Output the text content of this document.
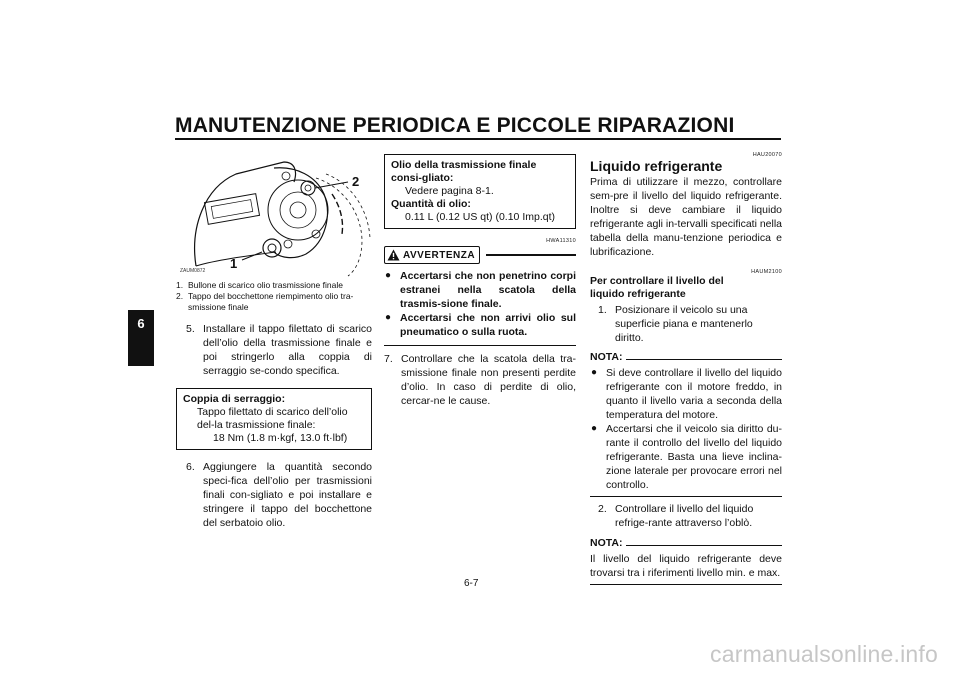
MANUTENZIONE PERIODICA E PICCOLE RIPARAZIONI
6
2
1
ZAUM0872
1. Bullone di scarico olio trasmissione finale
2. Tappo del bocchettone riempimento olio tra-smissione finale
5. Installare il tappo filettato di scarico dell’olio della trasmissione finale e poi stringerlo alla coppia di serraggio se-condo specifica.
Coppia di serraggio:
Tappo filettato di scarico dell’olio del-la trasmissione finale:
18 Nm (1.8 m·kgf, 13.0 ft·lbf)
6. Aggiungere la quantità secondo speci-fica dell’olio per trasmissioni finali con-sigliato e poi installare e stringere il tappo del bocchettone del serbatoio olio.
Olio della trasmissione finale consi-gliato:
Vedere pagina 8-1.
Quantità di olio:
0.11 L (0.12 US qt) (0.10 Imp.qt)
HWA11310
AVVERTENZA
● Accertarsi che non penetrino corpi estranei nella scatola della trasmis-sione finale.
● Accertarsi che non arrivi olio sul pneumatico o sulla ruota.
7. Controllare che la scatola della tra-smissione finale non presenti perdite d’olio. In caso di perdite di olio, cercar-ne le cause.
HAU20070
Liquido refrigerante
Prima di utilizzare il mezzo, controllare sem-pre il livello del liquido refrigerante. Inoltre si deve cambiare il liquido refrigerante agli in-tervalli specificati nella tabella della manu-tenzione periodica e lubrificazione.
HAUM2100
Per controllare il livello del liquido refrigerante
1. Posizionare il veicolo su una superficie piana e mantenerlo diritto.
NOTA:
● Si deve controllare il livello del liquido refrigerante con il motore freddo, in quanto il livello varia a seconda della temperatura del motore.
● Accertarsi che il veicolo sia diritto du-rante il controllo del livello del liquido refrigerante. Basta una lieve inclina-zione laterale per provocare errori nel controllo.
2. Controllare il livello del liquido refrige-rante attraverso l’oblò.
NOTA:
Il livello del liquido refrigerante deve trovarsi tra i riferimenti livello min. e max.
6-7
carmanualsonline.info
